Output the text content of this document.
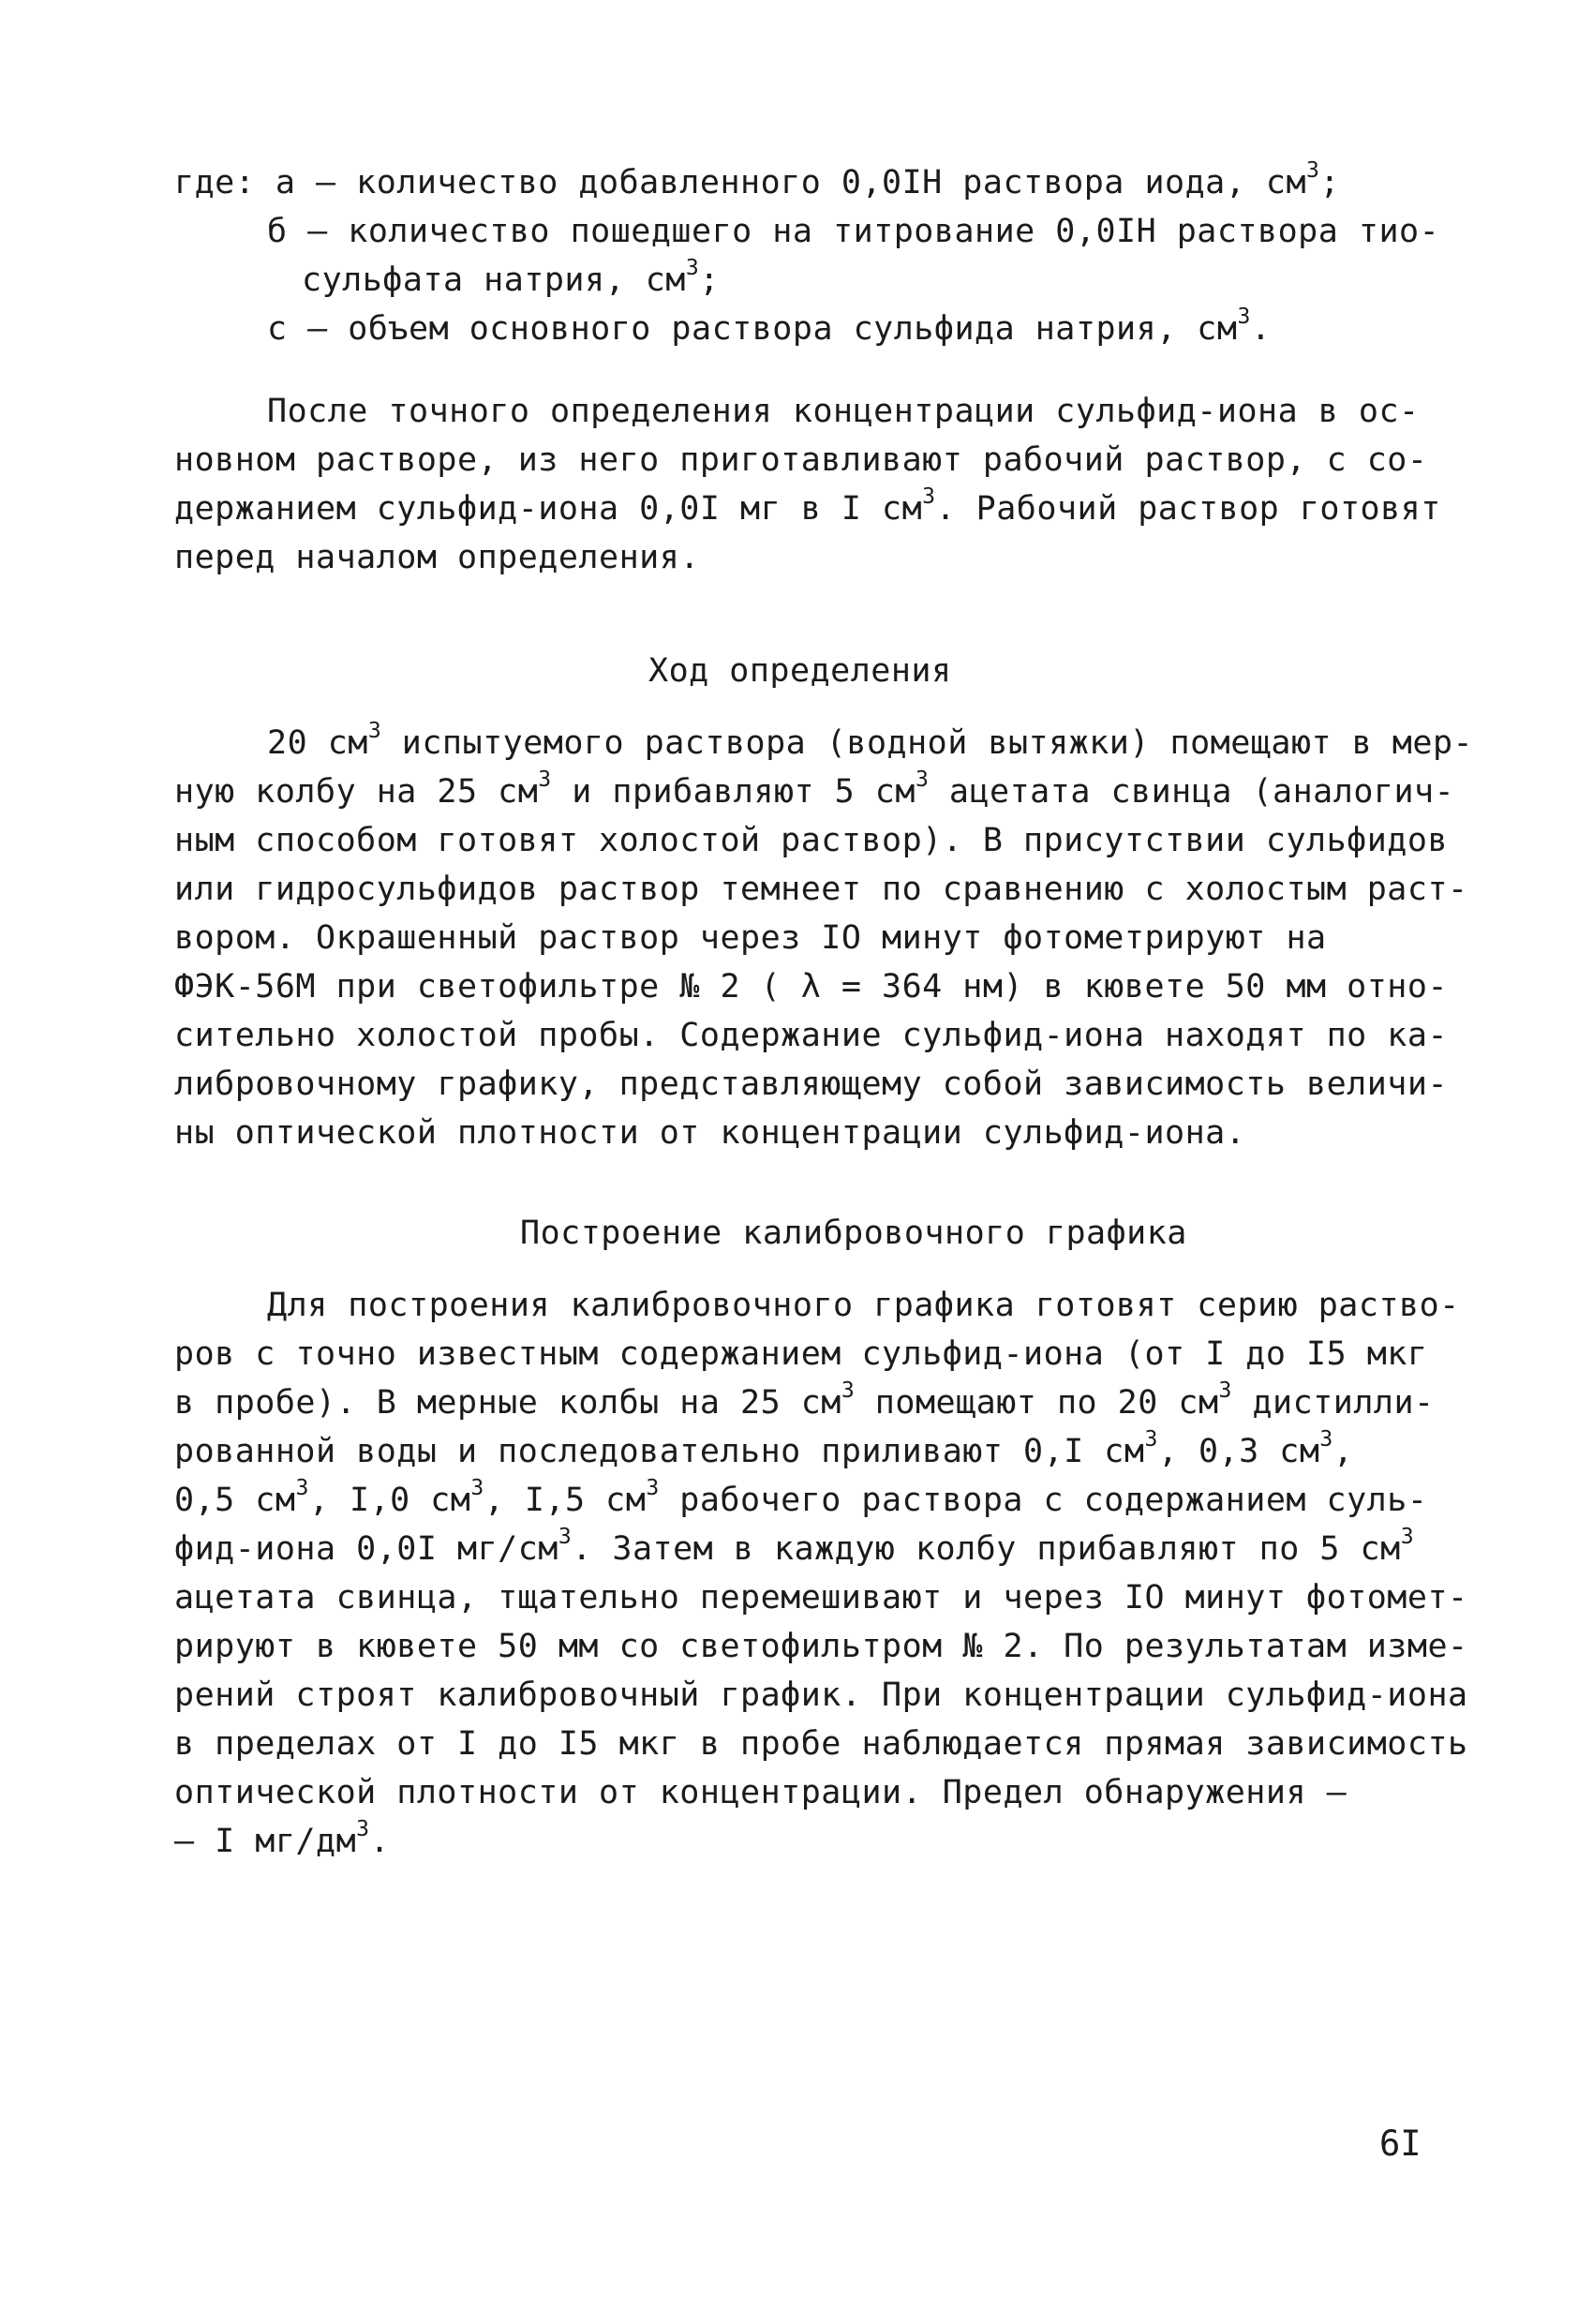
где: а – количество добавленного 0,0IН раствора иода, $см^3$;
б – количество пошедшего на титрование 0,0IН раствора тио-
сульфата натрия, $см^3$;
с – объем основного раствора сульфида натрия, $см^3$.
После точного определения концентрации сульфид-иона в ос-
новном растворе, из него приготавливают рабочий раствор, с со-
держанием сульфид-иона 0,0I мг в I $см^3$. Рабочий раствор готовят
перед началом определения.
Ход определения
20 $см^3$ испытуемого раствора (водной вытяжки) помещают в мер-
ную колбу на 25 $см^3$ и прибавляют 5 $см^3$ ацетата свинца (аналогич-
ным способом готовят холостой раствор). В присутствии сульфидов
или гидросульфидов раствор темнеет по сравнению с холостым раст-
вором. Окрашенный раствор через IO минут фотометрируют на
ФЭК-56М при светофильтре № 2 ( λ = 364 нм) в кювете 50 мм отно-
сительно холостой пробы. Содержание сульфид-иона находят по ка-
либровочному графику, представляющему собой зависимость величи-
ны оптической плотности от концентрации сульфид-иона.
Построение калибровочного графика
Для построения калибровочного графика готовят серию раство-
ров с точно известным содержанием сульфид-иона (от I до I5 мкг
в пробе). В мерные колбы на 25 $см^3$ помещают по 20 $см^3$ дистилли-
рованной воды и последовательно приливают 0,I $см^3$, 0,3 $см^3$,
0,5 $см^3$, I,0 $см^3$, I,5 $см^3$ рабочего раствора с содержанием суль-
фид-иона 0,0I $мг/см^3$. Затем в каждую колбу прибавляют по 5 $см^3$
ацетата свинца, тщательно перемешивают и через IO минут фотомет-
рируют в кювете 50 мм со светофильтром № 2. По результатам изме-
рений строят калибровочный график. При концентрации сульфид-иона
в пределах от I до I5 мкг в пробе наблюдается прямая зависимость
оптической плотности от концентрации. Предел обнаружения –
– I $мг/дм^3$.
6I
